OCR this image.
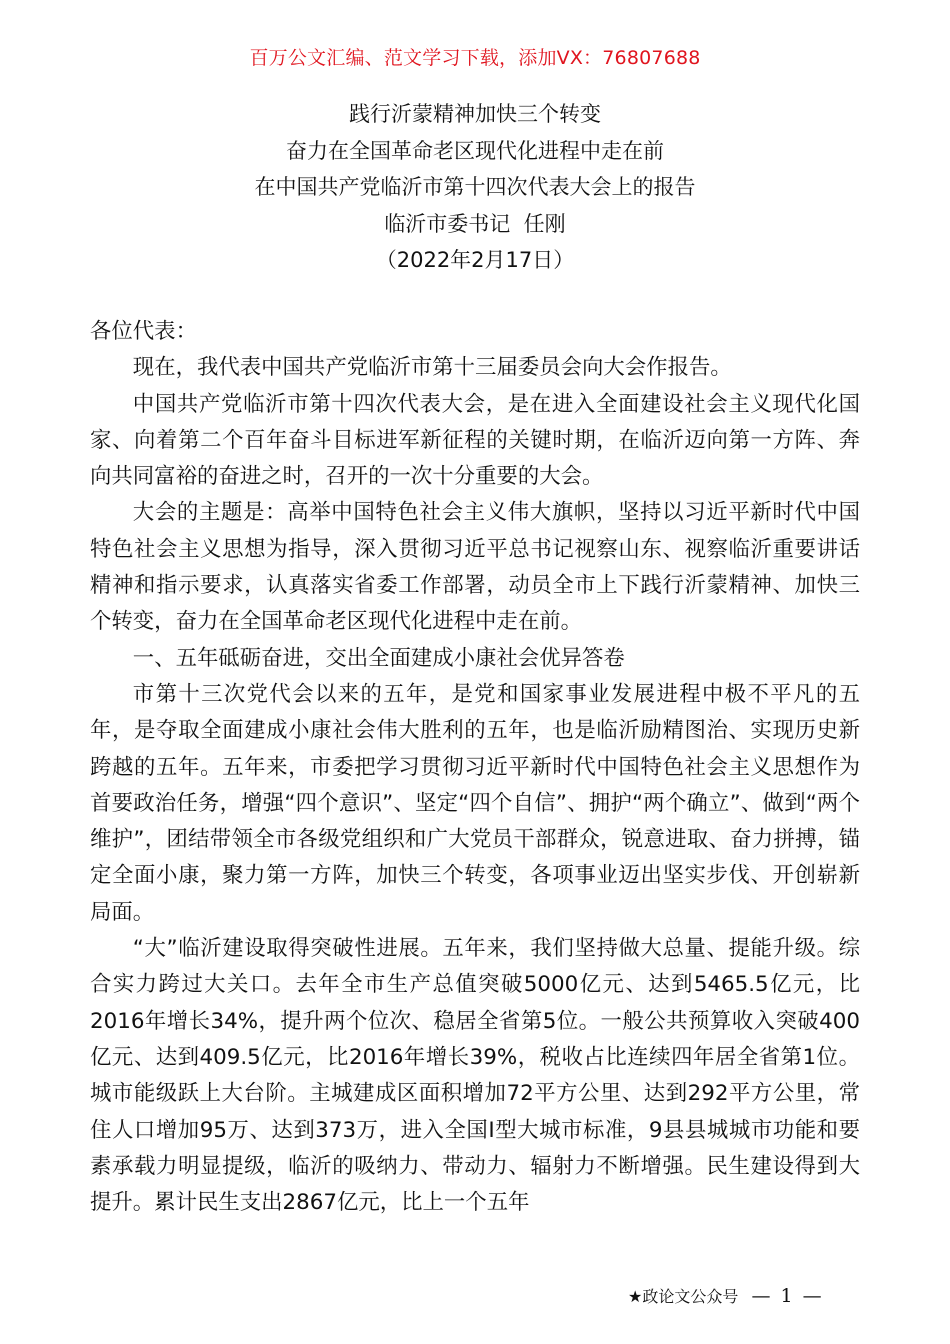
百万公文汇编、范文学习下载，添加VX：76807688
践行沂蒙精神加快三个转变
奋力在全国革命老区现代化进程中走在前
在中国共产党临沂市第十四次代表大会上的报告
临沂市委书记  任刚
（2022年2月17日）

各位代表：

现在，我代表中国共产党临沂市第十三届委员会向大会作报告。

中国共产党临沂市第十四次代表大会，是在进入全面建设社会主义现代化国家、向着第二个百年奋斗目标进军新征程的关键时期，在临沂迈向第一方阵、奔向共同富裕的奋进之时，召开的一次十分重要的大会。

大会的主题是：高举中国特色社会主义伟大旗帜，坚持以习近平新时代中国特色社会主义思想为指导，深入贯彻习近平总书记视察山东、视察临沂重要讲话精神和指示要求，认真落实省委工作部署，动员全市上下践行沂蒙精神、加快三个转变，奋力在全国革命老区现代化进程中走在前。

一、五年砥砺奋进，交出全面建成小康社会优异答卷

市第十三次党代会以来的五年，是党和国家事业发展进程中极不平凡的五年，是夺取全面建成小康社会伟大胜利的五年，也是临沂励精图治、实现历史新跨越的五年。五年来，市委把学习贯彻习近平新时代中国特色社会主义思想作为首要政治任务，增强“四个意识”、坚定“四个自信”、拥护“两个确立”、做到“两个维护”，团结带领全市各级党组织和广大党员干部群众，锐意进取、奋力拼搏，锚定全面小康，聚力第一方阵，加快三个转变，各项事业迈出坚实步伐、开创崭新局面。

“大”临沂建设取得突破性进展。五年来，我们坚持做大总量、提能升级。综合实力跨过大关口。去年全市生产总值突破5000亿元、达到5465.5亿元，比2016年增长34%，提升两个位次、稳居全省第5位。一般公共预算收入突破400亿元、达到409.5亿元，比2016年增长39%，税收占比连续四年居全省第1位。城市能级跃上大台阶。主城建成区面积增加72平方公里、达到292平方公里，常住人口增加95万、达到373万，进入全国Ⅰ型大城市标准，9县县城城市功能和要素承载力明显提级，临沂的吸纳力、带动力、辐射力不断增强。民生建设得到大提升。累计民生支出2867亿元，比上一个五年

★政论文公众号 — 1 —
